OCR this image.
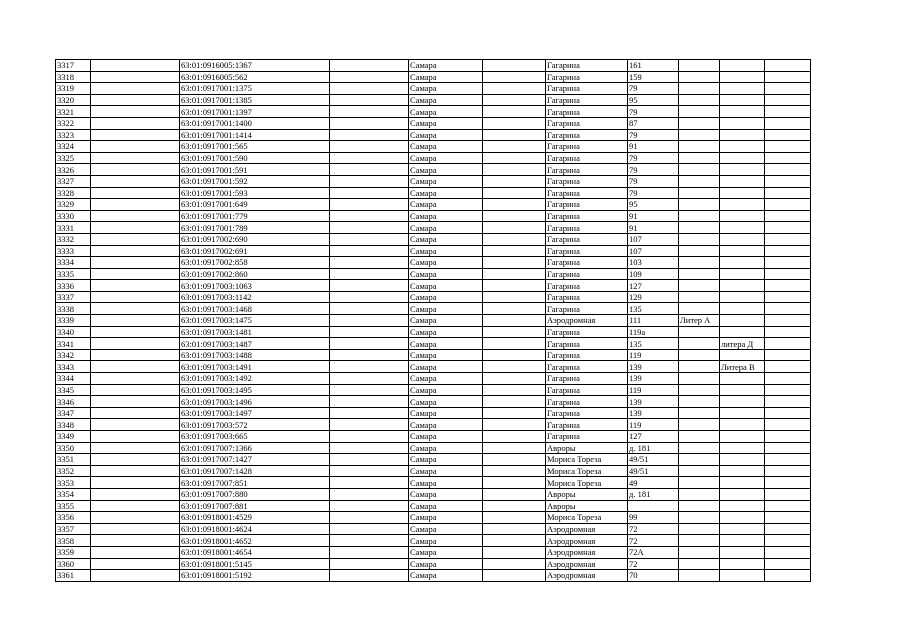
3317		63:01:0916005:1367		Самара		Гагарина	161			
3318		63:01:0916005:562		Самара		Гагарина	159			
3319		63:01:0917001:1375		Самара		Гагарина	79			
3320		63:01:0917001:1385		Самара		Гагарина	95			
3321		63:01:0917001:1397		Самара		Гагарина	79			
3322		63:01:0917001:1400		Самара		Гагарина	87			
3323		63:01:0917001:1414		Самара		Гагарина	79			
3324		63:01:0917001:565		Самара		Гагарина	91			
3325		63:01:0917001:590		Самара		Гагарина	79			
3326		63:01:0917001:591		Самара		Гагарина	79			
3327		63:01:0917001:592		Самара		Гагарина	79			
3328		63:01:0917001:593		Самара		Гагарина	79			
3329		63:01:0917001:649		Самара		Гагарина	95			
3330		63:01:0917001:779		Самара		Гагарина	91			
3331		63:01:0917001:789		Самара		Гагарина	91			
3332		63:01:0917002:690		Самара		Гагарина	107			
3333		63:01:0917002:691		Самара		Гагарина	107			
3334		63:01:0917002:858		Самара		Гагарина	103			
3335		63:01:0917002:860		Самара		Гагарина	109			
3336		63:01:0917003:1063		Самара		Гагарина	127			
3337		63:01:0917003:1142		Самара		Гагарина	129			
3338		63:01:0917003:1468		Самара		Гагарина	135			
3339		63:01:0917003:1475		Самара		Аэродромная	111	Литер А		
3340		63:01:0917003:1481		Самара		Гагарина	119а			
3341		63:01:0917003:1487		Самара		Гагарина	135		литера Д	
3342		63:01:0917003:1488		Самара		Гагарина	119			
3343		63:01:0917003:1491		Самара		Гагарина	139		Литера В	
3344		63:01:0917003:1492		Самара		Гагарина	139			
3345		63:01:0917003:1495		Самара		Гагарина	119			
3346		63:01:0917003:1496		Самара		Гагарина	139			
3347		63:01:0917003:1497		Самара		Гагарина	139			
3348		63:01:0917003:572		Самара		Гагарина	119			
3349		63:01:0917003:665		Самара		Гагарина	127			
3350		63:01:0917007:1366		Самара		Авроры	д. 181			
3351		63:01:0917007:1427		Самара		Мориса Тореза	49/51			
3352		63:01:0917007:1428		Самара		Мориса Тореза	49/51			
3353		63:01:0917007:851		Самара		Мориса Тореза	49			
3354		63:01:0917007:880		Самара		Авроры	д. 181			
3355		63:01:0917007:881		Самара		Авроры				
3356		63:01:0918001:4529		Самара		Мориса Тореза	99			
3357		63:01:0918001:4624		Самара		Аэродромная	72			
3358		63:01:0918001:4652		Самара		Аэродромная	72			
3359		63:01:0918001:4654		Самара		Аэродромная	72А			
3360		63:01:0918001:5145		Самара		Аэродромная	72			
3361		63:01:0918001:5192		Самара		Аэродромная	70			
